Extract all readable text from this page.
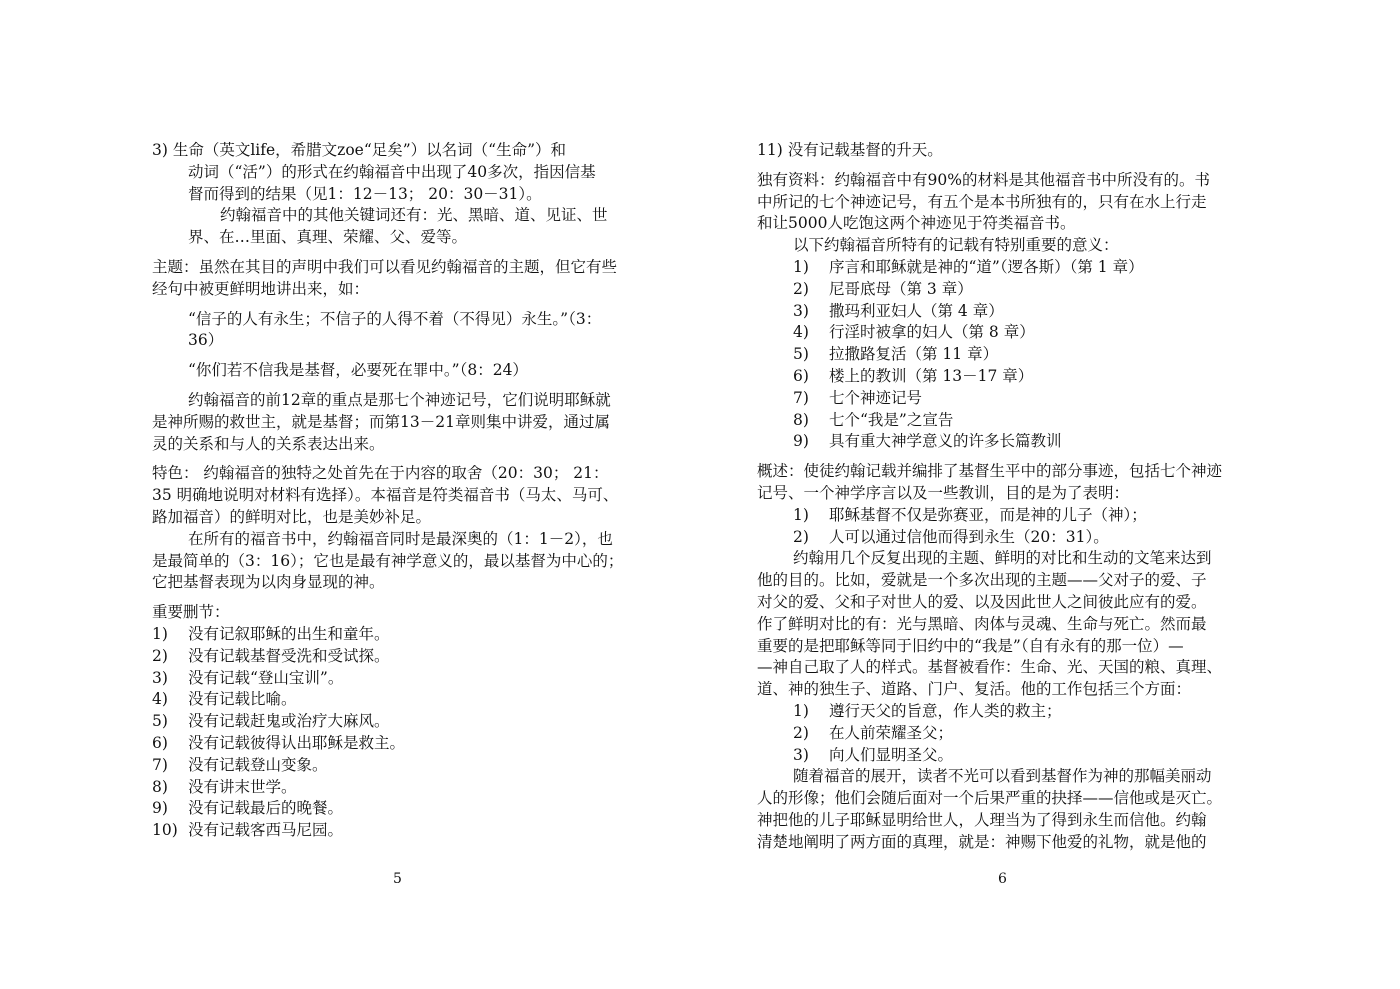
3) 生命（英文life，希腊文zoe“足矣”）以名词（“生命”）和
动词（“活”）的形式在约翰福音中出现了40多次，指因信基
督而得到的结果（见1：12－13； 20：30－31）。
约翰福音中的其他关键词还有：光、黑暗、道、见证、世
界、在…里面、真理、荣耀、父、爱等。
主题：虽然在其目的声明中我们可以看见约翰福音的主题，但它有些
经句中被更鲜明地讲出来，如：
“信子的人有永生；不信子的人得不着（不得见）永生。”（3：
36）
“你们若不信我是基督，必要死在罪中。”（8：24）
约翰福音的前12章的重点是那七个神迹记号，它们说明耶稣就
是神所赐的救世主，就是基督；而第13－21章则集中讲爱，通过属
灵的关系和与人的关系表达出来。
特色： 约翰福音的独特之处首先在于内容的取舍（20：30； 21：
35 明确地说明对材料有选择）。本福音是符类福音书（马太、马可、
路加福音）的鲜明对比，也是美妙补足。
在所有的福音书中，约翰福音同时是最深奥的（1：1－2），也
是最简单的（3：16）；它也是最有神学意义的，最以基督为中心的；
它把基督表现为以肉身显现的神。
重要删节：
1) 没有记叙耶稣的出生和童年。
2) 没有记载基督受洗和受试探。
3) 没有记载“登山宝训”。
4) 没有记载比喻。
5) 没有记载赶鬼或治疗大麻风。
6) 没有记载彼得认出耶稣是救主。
7) 没有记载登山变象。
8) 没有讲末世学。
9) 没有记载最后的晚餐。
10) 没有记载客西马尼园。
11) 没有记载基督的升天。
独有资料：约翰福音中有90%的材料是其他福音书中所没有的。书
中所记的七个神迹记号，有五个是本书所独有的，只有在水上行走
和让5000人吃饱这两个神迹见于符类福音书。
以下约翰福音所特有的记载有特别重要的意义：
1) 序言和耶稣就是神的“道”（逻各斯）（第 1 章）
2) 尼哥底母（第 3 章）
3) 撒玛利亚妇人（第 4 章）
4) 行淫时被拿的妇人（第 8 章）
5) 拉撒路复活（第 11 章）
6) 楼上的教训（第 13－17 章）
7) 七个神迹记号
8) 七个“我是”之宣告
9) 具有重大神学意义的许多长篇教训
概述：使徒约翰记载并编排了基督生平中的部分事迹，包括七个神迹
记号、一个神学序言以及一些教训，目的是为了表明：
1) 耶稣基督不仅是弥赛亚，而是神的儿子（神）；
2) 人可以通过信他而得到永生（20：31）。
约翰用几个反复出现的主题、鲜明的对比和生动的文笔来达到
他的目的。比如，爱就是一个多次出现的主题——父对子的爱、子
对父的爱、父和子对世人的爱、以及因此世人之间彼此应有的爱。
作了鲜明对比的有：光与黑暗、肉体与灵魂、生命与死亡。然而最
重要的是把耶稣等同于旧约中的“我是”（自有永有的那一位）—
—神自己取了人的样式。基督被看作：生命、光、天国的粮、真理、
道、神的独生子、道路、门户、复活。他的工作包括三个方面：
1) 遵行天父的旨意，作人类的救主；
2) 在人前荣耀圣父；
3) 向人们显明圣父。
随着福音的展开，读者不光可以看到基督作为神的那幅美丽动
人的形像；他们会随后面对一个后果严重的抉择——信他或是灭亡。
神把他的儿子耶稣显明给世人，人理当为了得到永生而信他。约翰
清楚地阐明了两方面的真理，就是：神赐下他爱的礼物，就是他的
5	6
